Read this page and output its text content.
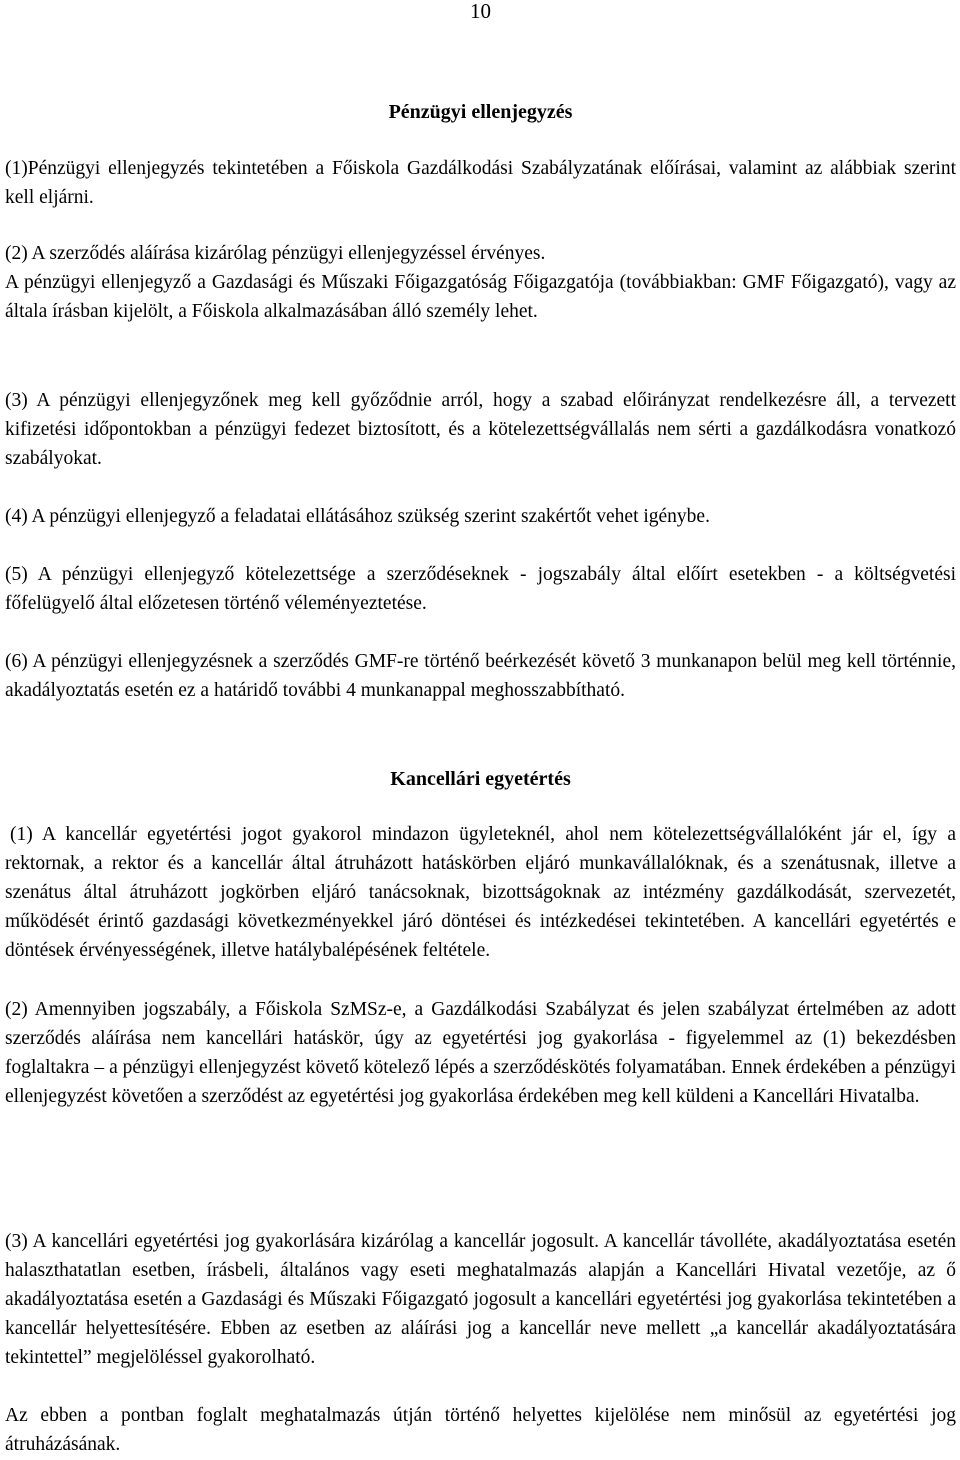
10
Pénzügyi ellenjegyzés

(1)Pénzügyi ellenjegyzés tekintetében a Főiskola Gazdálkodási Szabályzatának előírásai, valamint az alábbiak szerint kell eljárni.

(2) A szerződés aláírása kizárólag pénzügyi ellenjegyzéssel érvényes.

A pénzügyi ellenjegyző a Gazdasági és Műszaki Főigazgatóság Főigazgatója (továbbiakban: GMF Főigazgató), vagy az általa írásban kijelölt, a Főiskola alkalmazásában álló személy lehet.

(3) A pénzügyi ellenjegyzőnek meg kell győződnie arról, hogy a szabad előirányzat rendelkezésre áll, a tervezett kifizetési időpontokban a pénzügyi fedezet biztosított, és a kötelezettségvállalás nem sérti a gazdálkodásra vonatkozó szabályokat.

(4) A pénzügyi ellenjegyző a feladatai ellátásához szükség szerint szakértőt vehet igénybe.

(5) A pénzügyi ellenjegyző kötelezettsége a szerződéseknek - jogszabály által előírt esetekben - a költségvetési főfelügyelő által előzetesen történő véleményeztetése.

(6) A pénzügyi ellenjegyzésnek a szerződés GMF-re történő beérkezését követő 3 munkanapon belül meg kell történnie, akadályoztatás esetén ez a határidő további 4 munkanappal meghosszabbítható.

Kancellári egyetértés

(1) A kancellár egyetértési jogot gyakorol mindazon ügyleteknél, ahol nem kötelezettségvállalóként jár el, így a rektornak, a rektor és a kancellár által átruházott hatáskörben eljáró munkavállalóknak, és a szenátusnak, illetve a szenátus által átruházott jogkörben eljáró tanácsoknak, bizottságoknak az intézmény gazdálkodását, szervezetét, működését érintő gazdasági következményekkel járó döntései és intézkedései tekintetében. A kancellári egyetértés e döntések érvényességének, illetve hatálybalépésének feltétele.

(2) Amennyiben jogszabály, a Főiskola SzMSz-e, a Gazdálkodási Szabályzat és jelen szabályzat értelmében az adott szerződés aláírása nem kancellári hatáskör, úgy az egyetértési jog gyakorlása - figyelemmel az (1) bekezdésben foglaltakra – a pénzügyi ellenjegyzést követő kötelező lépés a szerződéskötés folyamatában. Ennek érdekében a pénzügyi ellenjegyzést követően a szerződést az egyetértési jog gyakorlása érdekében meg kell küldeni a Kancellári Hivatalba.

(3) A kancellári egyetértési jog gyakorlására kizárólag a kancellár jogosult. A kancellár távolléte, akadályoztatása esetén halaszthatatlan esetben, írásbeli, általános vagy eseti meghatalmazás alapján a Kancellári Hivatal vezetője, az ő akadályoztatása esetén a Gazdasági és Műszaki Főigazgató jogosult a kancellári egyetértési jog gyakorlása tekintetében a kancellár helyettesítésére. Ebben az esetben az aláírási jog a kancellár neve mellett „a kancellár akadályoztatására tekintettel” megjelöléssel gyakorolható.

Az ebben a pontban foglalt meghatalmazás útján történő helyettes kijelölése nem minősül az egyetértési jog átruházásának.
